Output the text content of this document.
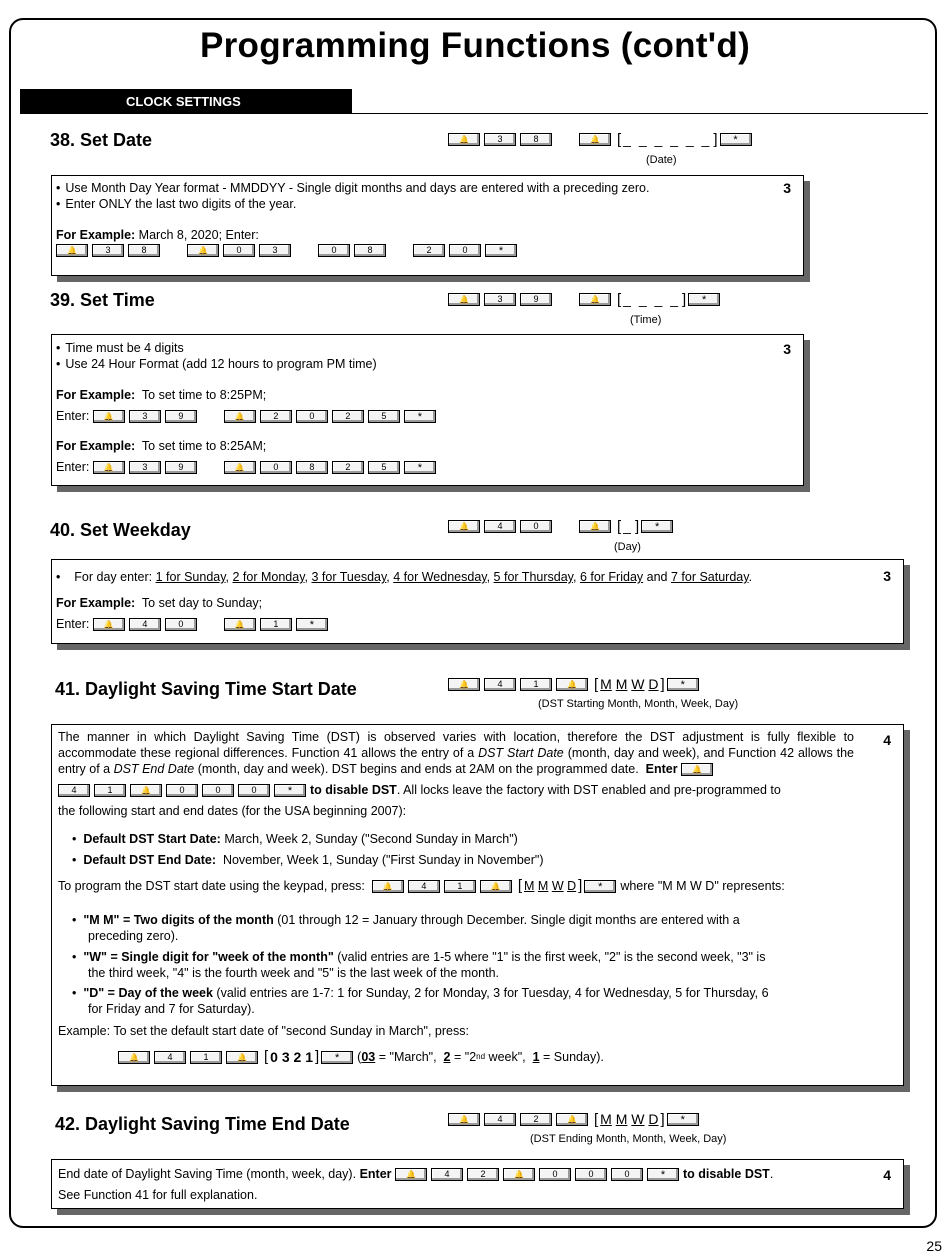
Programming Functions (cont'd)
CLOCK SETTINGS
38. Set Date 🔔	3	8 🔔	[ _ _ _ _ _ _ ]
*
(Date)
3
• Use Month Day Year format - MMDDYY - Single digit months and days are entered with a preceding zero.
• Enter ONLY the last two digits of the year.
For Example: March 8, 2020; Enter:
🔔
3	8 🔔	0	3	0	8	2	0
*
39. Set Time 🔔	3	9 🔔	[ _ _ _ _ ]
*
(Time)
3
• Time must be 4 digits
• Use 24 Hour Format (add 12 hours to program PM time)
For Example: To set time to 8:25PM;
Enter:
🔔	3	9 🔔	2	0	2	5
*
For Example: To set time to 8:25AM;
Enter:
🔔	3	9 🔔	0	8	2	5
*
40. Set Weekday 🔔	4	0 🔔	[ _ ]
*
(Day)
3
•    For day enter: 1 for Sunday, 2 for Monday, 3 for Tuesday, 4 for Wednesday, 5 for Thursday, 6 for Friday and 7 for Saturday.
For Example: To set day to Sunday;
Enter:
🔔	4	0 🔔	1
*
41. Daylight Saving Time Start Date 🔔	4	1 🔔	[ M
M
W
D ]
*
(DST Starting Month, Month, Week, Day)
4
The manner in which Daylight Saving Time (DST) is observed varies with location, therefore the DST adjustment is fully flexible to accommodate these regional differences. Function 41 allows the entry of a DST Start Date (month, day and week), and Function 42 allows the entry of a DST End Date (month, day and week). DST begins and ends at 2AM on the programmed date. Enter 🔔
4	1 🔔	0	0	0 *	to disable DST . All locks leave the factory with DST enabled and pre-programmed to
the following start and end dates (for the USA beginning 2007):
•  Default DST Start Date: March, Week 2, Sunday ("Second Sunday in March")
•  Default DST End Date: November, Week 1, Sunday ("First Sunday in November")
To program the DST start date using the keypad, press:
🔔	4	1 🔔	[ M
M
W
D ] *	where "M M W D" represents:
•  "M M" = Two digits of the month (01 through 12 = January through December. Single digit months are entered with a
preceding zero).
•  "W" = Single digit for "week of the month" (valid entries are 1-5 where "1" is the first week, "2" is the second week, "3" is
the third week, "4" is the fourth week and "5" is the last week of the month.
•  "D" = Day of the week (valid entries are 1-7: 1 for Sunday, 2 for Monday, 3 for Tuesday, 4 for Wednesday, 5 for Thursday, 6
for Friday and 7 for Saturday).
Example: To set the default start date of "second Sunday in March", press:
🔔
4	1 🔔	[ 0 3 2 1 ] *	( 03
= "March",
2
= "2 nd
week",
1
= Sunday).
42. Daylight Saving Time End Date 🔔	4	2 🔔	[ M
M
W
D ]
*
(DST Ending Month, Month, Week, Day)
4
End date of Daylight Saving Time (month, week, day).
Enter
🔔	4	2 🔔	0	0	0 *	to disable DST .
See Function 41 for full explanation.
25
